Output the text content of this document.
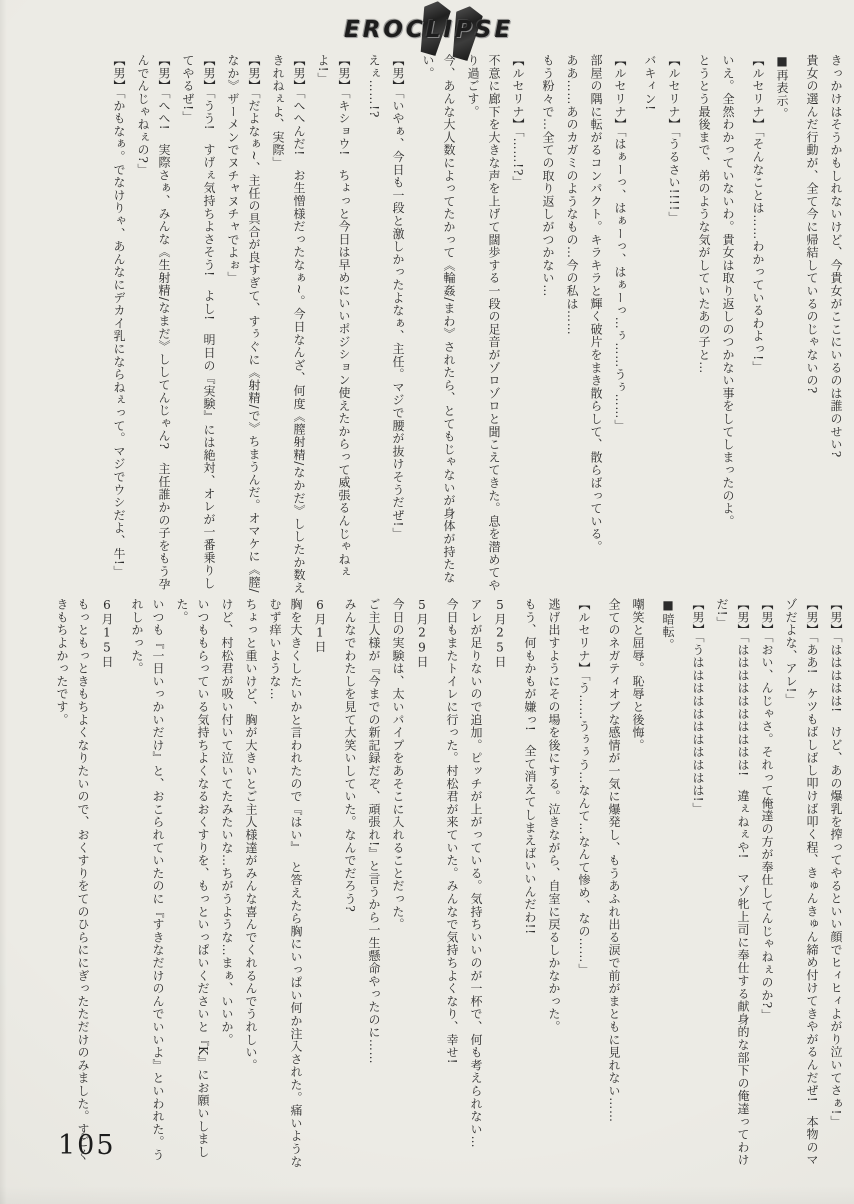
EROCLIPSE

きっかけはそうかもしれないけど、今貴女がここにいるのは誰のせい?

貴女の選んだ行動が、全て今に帰結しているのじゃないの?

■再表示。

【ルセリナ】「そんなことは……わかっているわよっ!」

いえ。全然わかっていないわ。貴女は取り返しのつかない事をしてしまったのよ。

とうとう最後まで、弟のような気がしていたあの子と…

【ルセリナ】「うるさい!!!!」

バキィン!

【ルセリナ】「はぁーっ、はぁーっ、はぁーっ…ぅ……うぅ……」

部屋の隅に転がるコンパクト。キラキラと輝く破片をまき散らして、散らばっている。

ああ……あのカガミのようなもの…今の私は……

もう粉々で…全ての取り返しがつかない…

【ルセリナ】「……!?」

不意に廊下を大きな声を上げて闊歩する一段の足音がゾロゾロと聞こえてきた。息を潜めてやり過ごす。

今、あんな大人数によってたかって《輪姦/まわ》されたら、とてもじゃないが身体が持たない。

【男】「いやぁ、今日も一段と激しかったよなぁ、主任。マジで腰が抜けそうだぜ!」

えぇ……!?

【男】「キショウ!　ちょっと今日は早めにいいポジション使えたからって威張るんじゃねぇよ!」

【男】「へへんだ!　お生憎様だったなぁ~。今日なんざ、何度《膣射精/なかだ》ししたか数えきれねぇよ、実際」

【男】「だよなぁ~、主任の具合が良すぎて、すぅぐに《射精/で》ちまうんだ。オマケに《膣/なか》ザーメンでヌチャヌチャでよぉ」

【男】「うう!　すげぇ気持ちよさそう!　よし!　明日の『実験』には絶対、オレが一番乗りしてやるぜ!」

【男】「へへ!　実際さぁ、みんな《生射精/なまだ》ししてんじゃん?　主任誰かの子をもう孕んでんじゃねぇの?」

【男】「かもなぁ。でなけりゃ、あんなにデカイ乳にならねぇって。マジでウシだよ、牛!」

【男】「ははははは!　けど、あの爆乳を搾ってやるといい顔でヒィヒィよがり泣いてさぁ!」

【男】「ああ!　ケツもばしばし叩けば叩く程、きゅんきゅん締め付けてきやがるんだぜ!　本物のマゾだよな、アレ!」

【男】「おい、んじゃさ。それって俺達の方が奉仕してんじゃねぇのか?」

【男】「はははははははははは!　違ぇねぇや!　マゾ牝上司に奉仕する献身的な部下の俺達ってわけだ!」

【男】「うははははははははははは!」

■暗転。

嘲笑と屈辱。恥辱と後悔。

全てのネガティオブな感情が一気に爆発し、もうあふれ出る涙で前がまともに見れない……

【ルセリナ】「う……うぅぅう…なんて…なんて惨め、なの……」

逃げ出すようにその場を後にする。泣きながら、自室に戻るしかなかった。

もう、何もかもが嫌っ!　全て消えてしまえばいいんだわ!!

5月25日

アレが足りないので追加。ピッチが上がっている。気持ちいいのが一杯で、何も考えられない…

今日もまたトイレに行った。村松君が来ていた。みんなで気持ちよくなり、幸せ!

5月29日

今日の実験は、太いパイプをあそこに入れることだった。

ご主人様が『今までの新記録だぞ、頑張れ!』と言うから一生懸命やったのに……

みんなでわたしを見て大笑いしていた。なんでだろう?

6月1日

胸を大きくしたいかと言われたので『はい』　と答えたら胸にいっぱい何か注入された。痛いようなむず痒いような…

ちょっと重いけど、胸が大きいとご主人様達がみんな喜んでくれるんでうれしい。

けど、村松君が吸い付いて泣いてたみたいな…ちがうような…まぁ、いいか。

いつももらっている気持ちよくなるおくすりを、もっといっぱいくださいと『K』にお願いしました。

いつも『一日いっかいだけ』と、おこられていたのに『すきなだけのんでいいよ』といわれた。うれしかった。

6月15日

もっともっときもちよくなりたいので、おくすりをてのひらににぎったただけのみました。すごくきもちよかったです。

105
